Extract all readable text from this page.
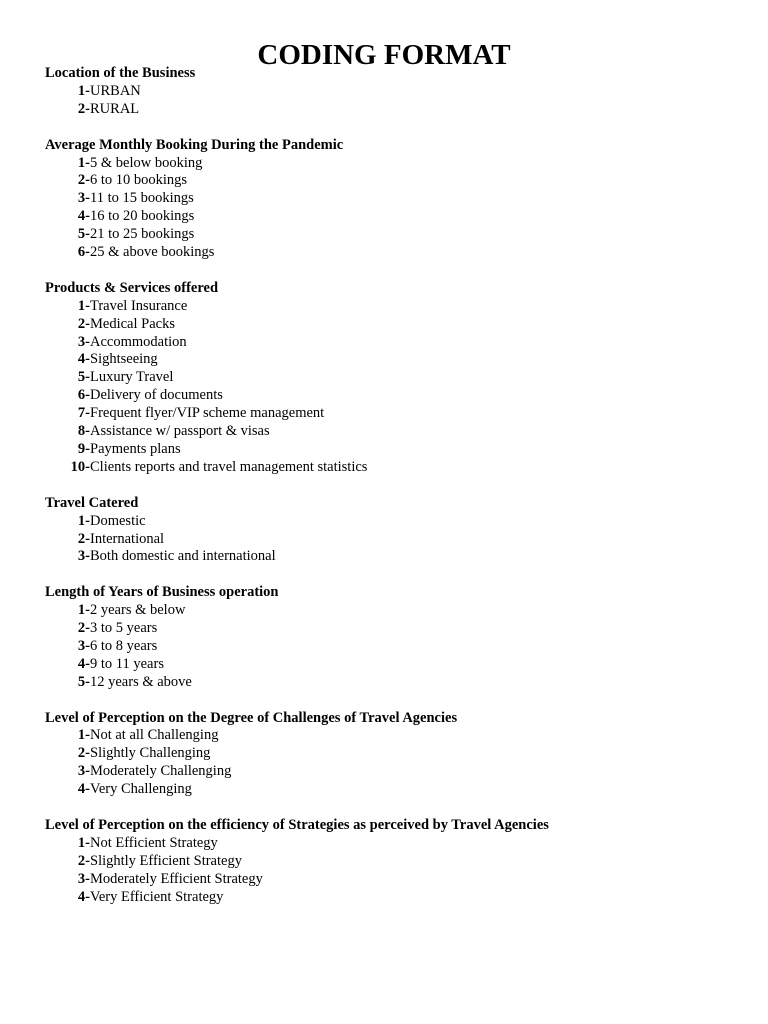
CODING FORMAT
Location of the Business
1- URBAN
2- RURAL
Average Monthly Booking During the Pandemic
1- 5 & below booking
2- 6 to 10 bookings
3- 11 to 15 bookings
4- 16 to 20 bookings
5- 21 to 25 bookings
6- 25 & above bookings
Products & Services offered
1- Travel Insurance
2- Medical Packs
3- Accommodation
4- Sightseeing
5- Luxury Travel
6- Delivery of documents
7- Frequent flyer/VIP scheme management
8- Assistance w/ passport & visas
9- Payments plans
10- Clients reports and travel management statistics
Travel Catered
1- Domestic
2- International
3- Both domestic and international
Length of Years of Business operation
1- 2 years & below
2- 3 to 5 years
3- 6 to 8 years
4- 9 to 11 years
5- 12 years & above
Level of Perception on the Degree of Challenges of Travel Agencies
1- Not at all Challenging
2- Slightly Challenging
3- Moderately Challenging
4- Very Challenging
Level of Perception on the efficiency of Strategies as perceived by Travel Agencies
1- Not Efficient Strategy
2- Slightly Efficient Strategy
3- Moderately Efficient Strategy
4- Very Efficient Strategy
